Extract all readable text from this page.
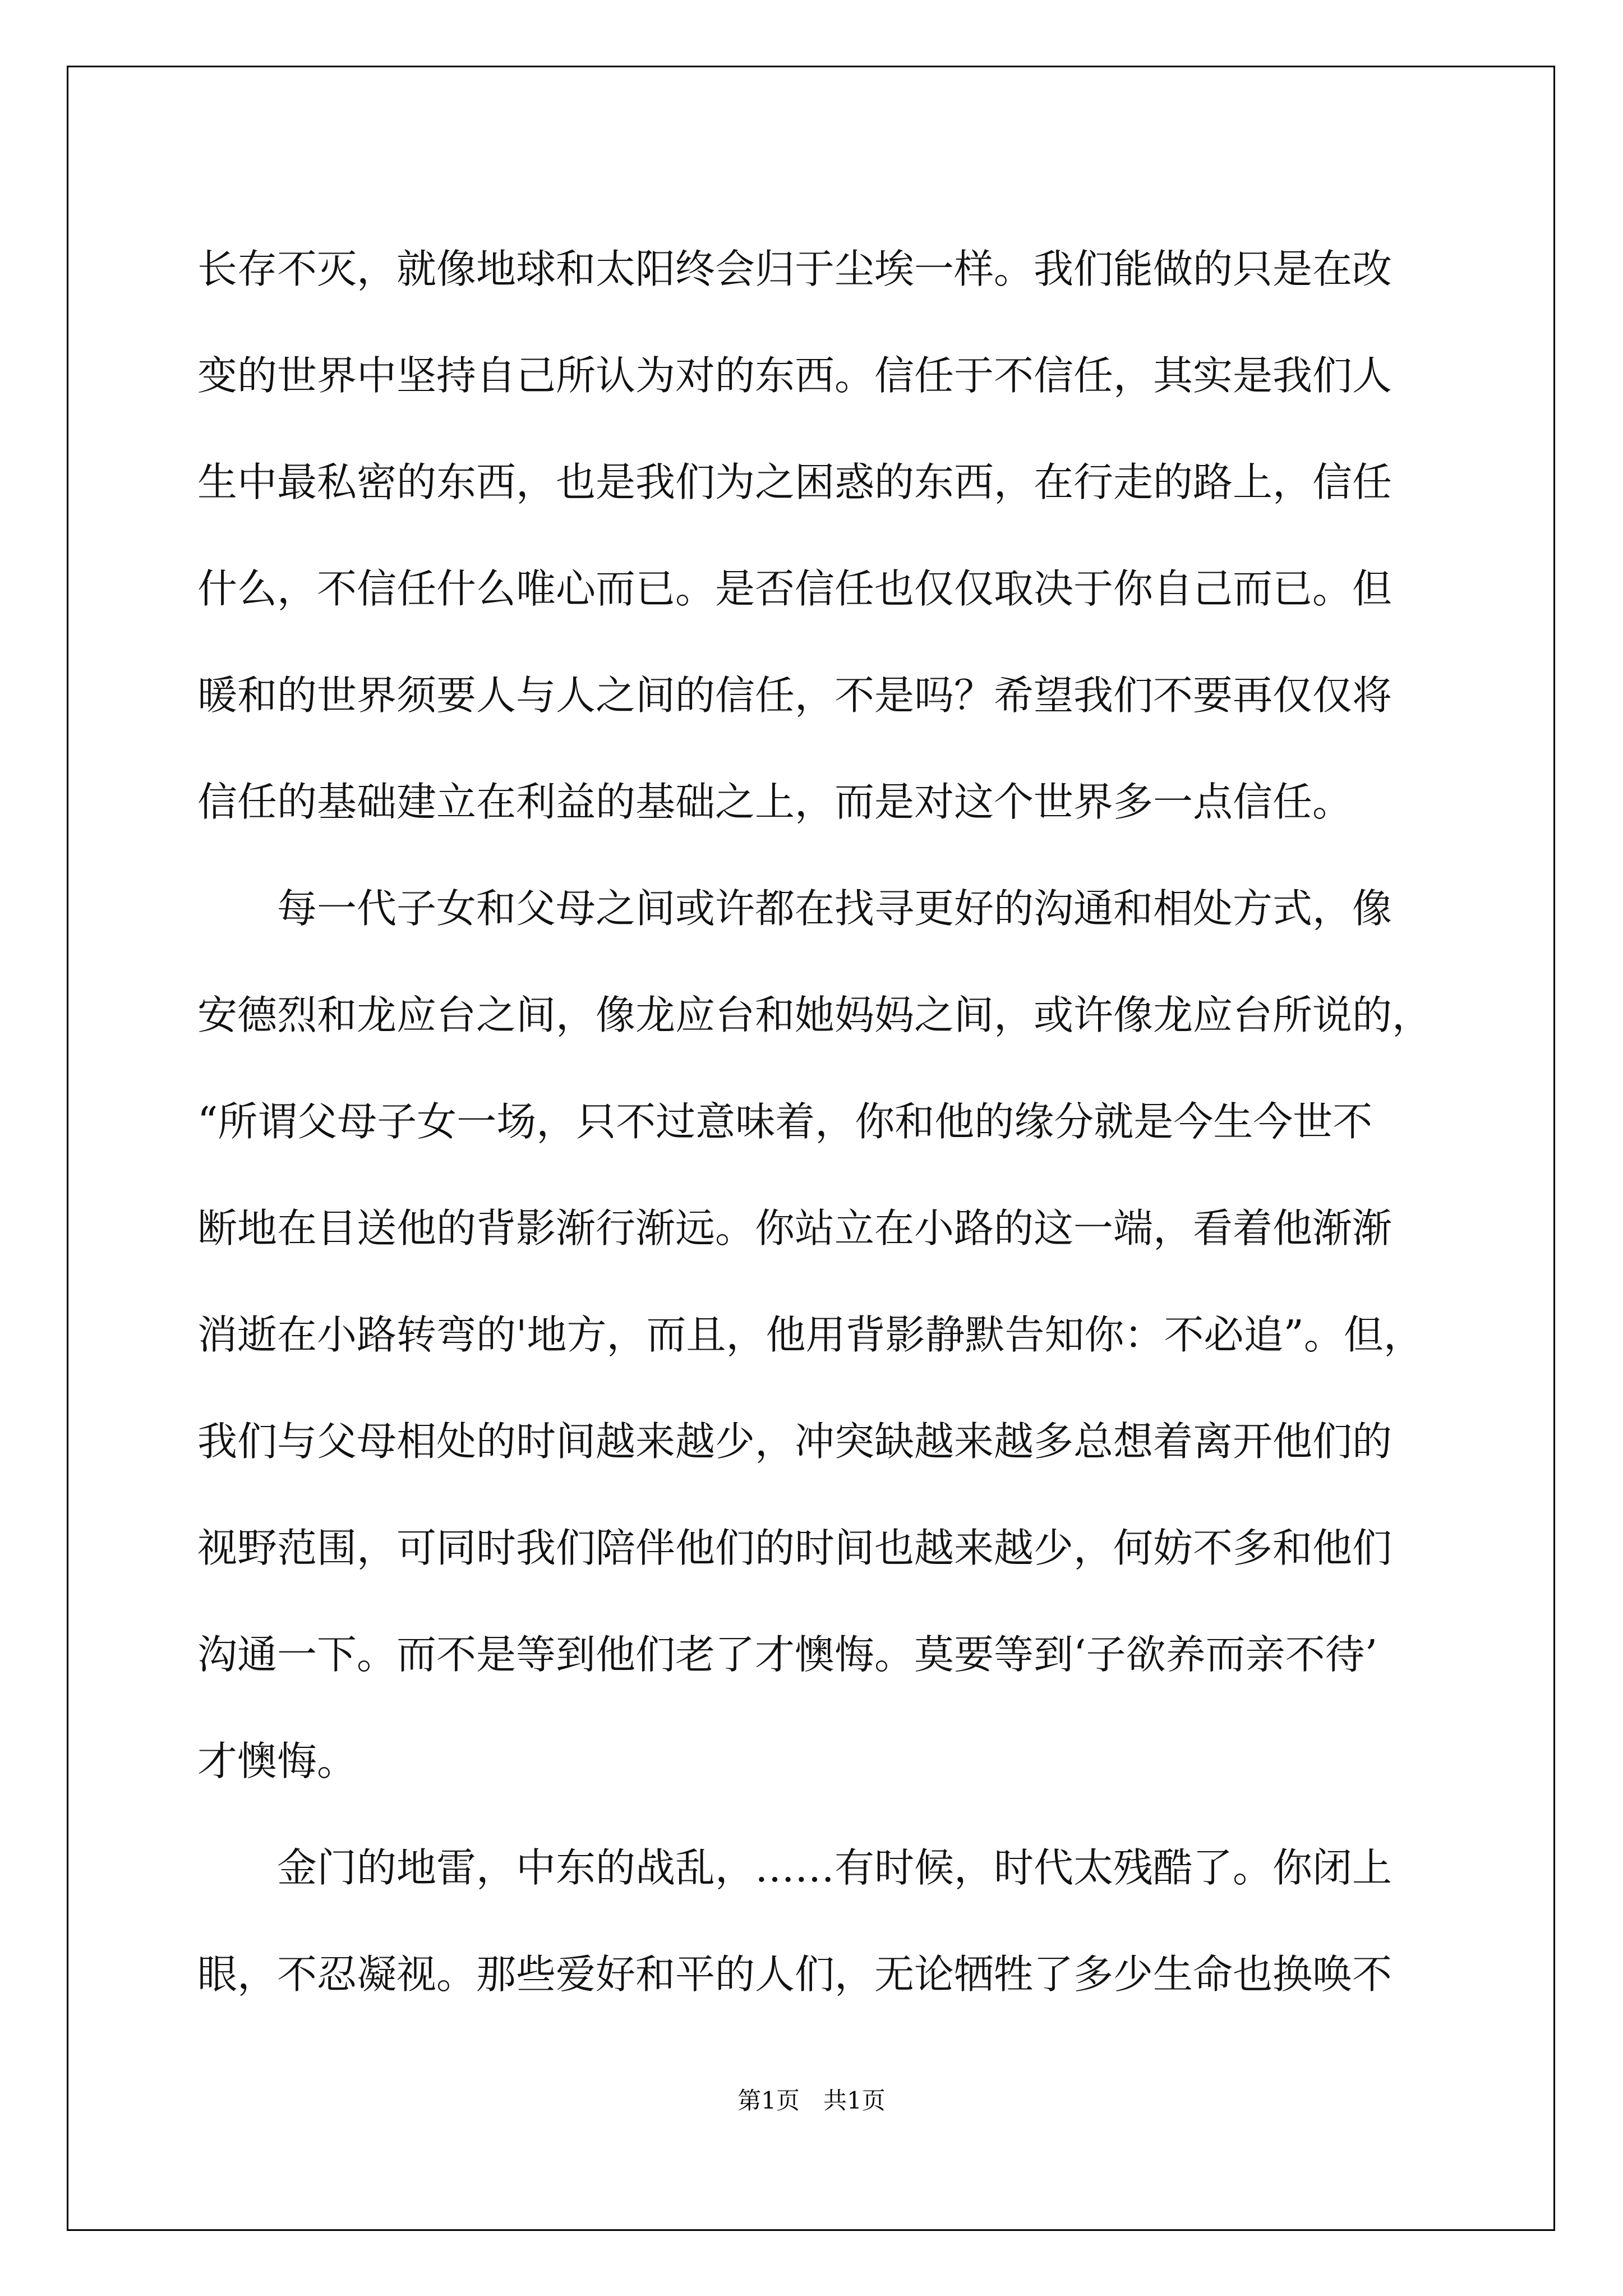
长存不灭，就像地球和太阳终会归于尘埃一样。我们能做的只是在改

变的世界中坚持自己所认为对的东西。信任于不信任，其实是我们人

生中最私密的东西，也是我们为之困惑的东西，在行走的路上，信任

什么，不信任什么唯心而已。是否信任也仅仅取决于你自己而已。但

暖和的世界须要人与人之间的信任，不是吗？希望我们不要再仅仅将

信任的基础建立在利益的基础之上，而是对这个世界多一点信任。

　　每一代子女和父母之间或许都在找寻更好的沟通和相处方式，像

安德烈和龙应台之间，像龙应台和她妈妈之间，或许像龙应台所说的，

“所谓父母子女一场，只不过意味着，你和他的缘分就是今生今世不

断地在目送他的背影渐行渐远。你站立在小路的这一端，看着他渐渐

消逝在小路转弯的'地方，而且，他用背影静默告知你：不必追”。但，

我们与父母相处的时间越来越少，冲突缺越来越多总想着离开他们的

视野范围，可同时我们陪伴他们的时间也越来越少，何妨不多和他们

沟通一下。而不是等到他们老了才懊悔。莫要等到‘子欲养而亲不待’

才懊悔。

　　金门的地雷，中东的战乱，……有时候，时代太残酷了。你闭上

眼，不忍凝视。那些爱好和平的人们，无论牺牲了多少生命也换唤不

第1页　共1页
